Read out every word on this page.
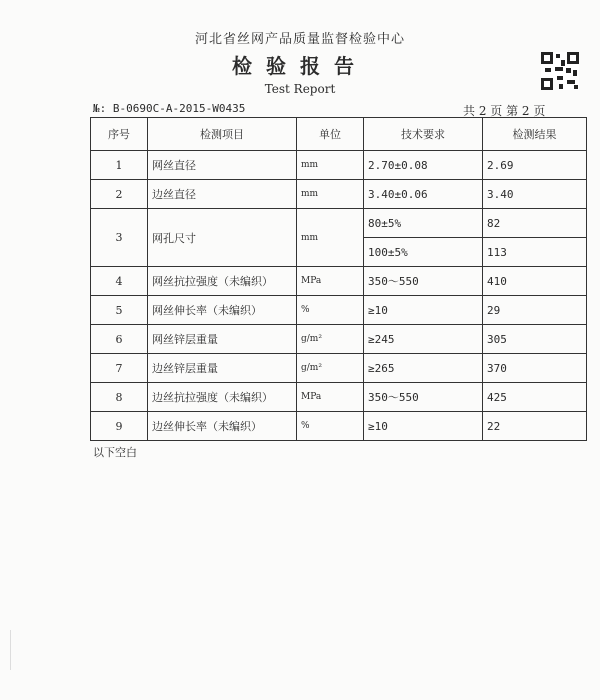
河北省丝网产品质量监督检验中心
检验报告
Test Report
№: B-0690C-A-2015-W0435	共 2 页 第 2 页
序号	检测项目	单位	技术要求	检测结果
1	网丝直径	mm	2.70±0.08	2.69
2	边丝直径	mm	3.40±0.06	3.40
3	网孔尺寸	mm	80±5%	82
			100±5%	113
4	网丝抗拉强度（未编织）	MPa	350～550	410
5	网丝伸长率（未编织）	%	≥10	29
6	网丝锌层重量	g/m²	≥245	305
7	边丝锌层重量	g/m²	≥265	370
8	边丝抗拉强度（未编织）	MPa	350～550	425
9	边丝伸长率（未编织）	%	≥10	22
以下空白
